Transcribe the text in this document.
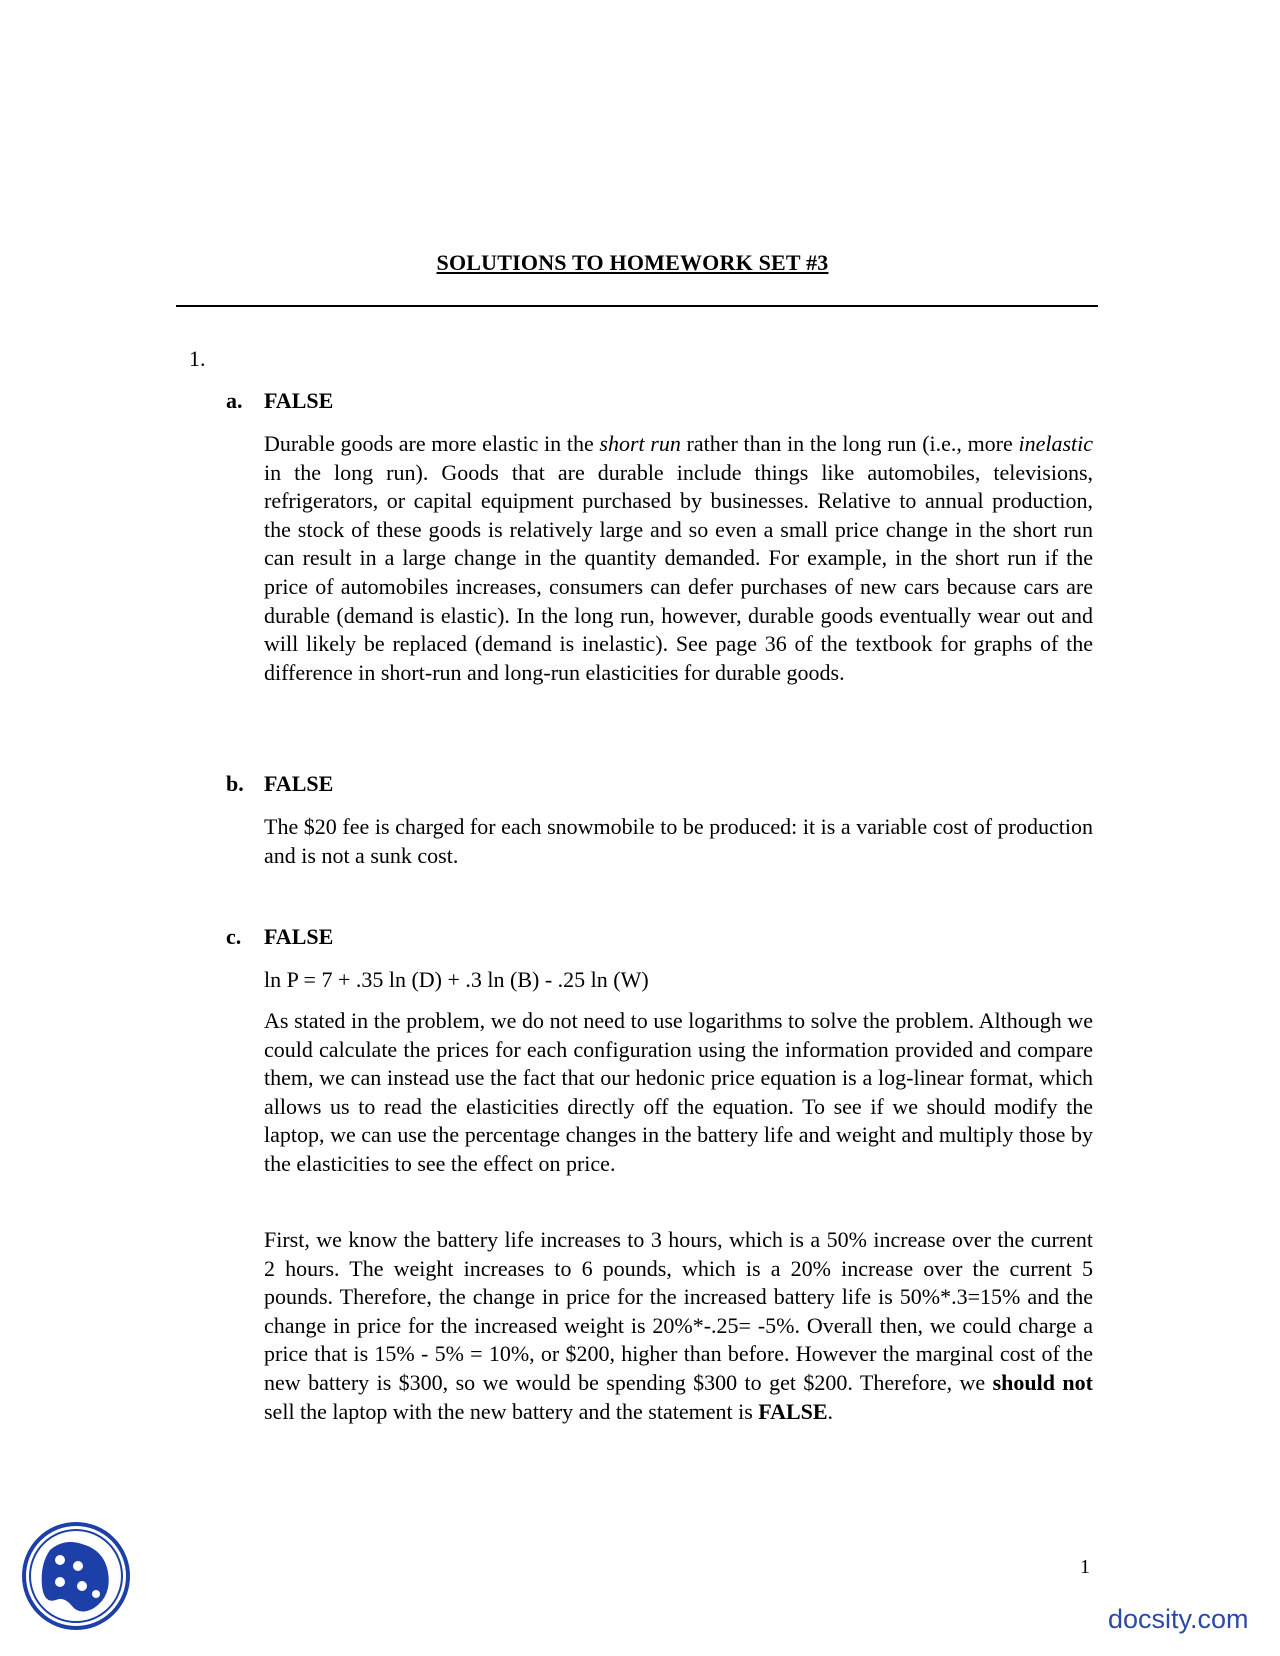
SOLUTIONS TO HOMEWORK SET #3
1.
a. FALSE
Durable goods are more elastic in the short run rather than in the long run (i.e., more inelastic in the long run). Goods that are durable include things like automobiles, televisions, refrigerators, or capital equipment purchased by businesses. Relative to annual production, the stock of these goods is relatively large and so even a small price change in the short run can result in a large change in the quantity demanded. For example, in the short run if the price of automobiles increases, consumers can defer purchases of new cars because cars are durable (demand is elastic). In the long run, however, durable goods eventually wear out and will likely be replaced (demand is inelastic). See page 36 of the textbook for graphs of the difference in short-run and long-run elasticities for durable goods.
b. FALSE
The $20 fee is charged for each snowmobile to be produced: it is a variable cost of production and is not a sunk cost.
c. FALSE
ln P = 7 + .35 ln (D) + .3 ln (B) - .25 ln (W)
As stated in the problem, we do not need to use logarithms to solve the problem. Although we could calculate the prices for each configuration using the information provided and compare them, we can instead use the fact that our hedonic price equation is a log-linear format, which allows us to read the elasticities directly off the equation. To see if we should modify the laptop, we can use the percentage changes in the battery life and weight and multiply those by the elasticities to see the effect on price.
First, we know the battery life increases to 3 hours, which is a 50% increase over the current 2 hours. The weight increases to 6 pounds, which is a 20% increase over the current 5 pounds. Therefore, the change in price for the increased battery life is 50%*.3=15% and the change in price for the increased weight is 20%*-.25= -5%. Overall then, we could charge a price that is 15% - 5% = 10%, or $200, higher than before. However the marginal cost of the new battery is $300, so we would be spending $300 to get $200. Therefore, we should not sell the laptop with the new battery and the statement is FALSE.
1
docsity.com
